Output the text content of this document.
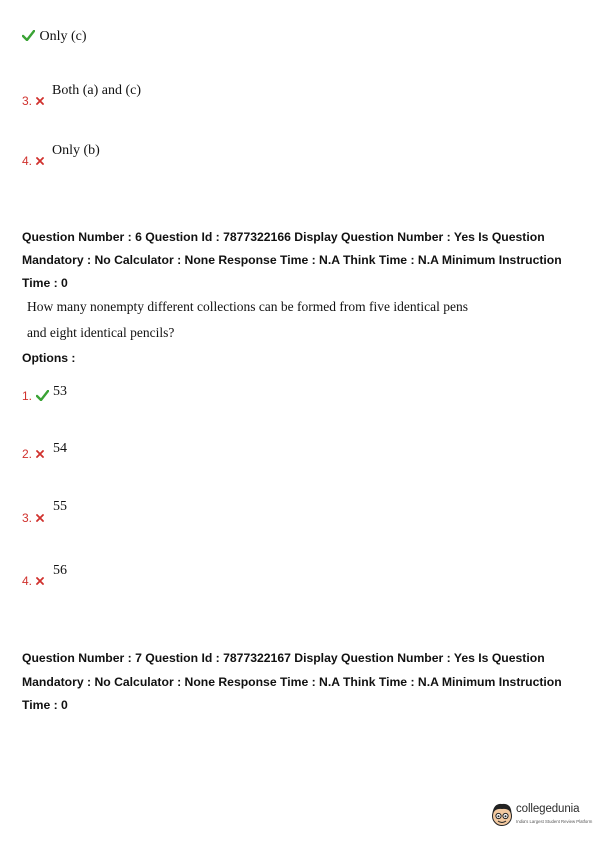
Only (c)
3.
Both (a) and (c)
4.
Only (b)
Question Number : 6 Question Id : 7877322166 Display Question Number : Yes Is Question
Mandatory : No Calculator : None Response Time : N.A Think Time : N.A Minimum Instruction
Time : 0
How many nonempty different collections can be formed from five identical pens
and eight identical pencils?
Options :
1.	53
2.	54
3.
55
4.
56
Question Number : 7 Question Id : 7877322167 Display Question Number : Yes Is Question
Mandatory : No Calculator : None Response Time : N.A Think Time : N.A Minimum Instruction
Time : 0
collegedunia
India's Largest Student Review Platform
